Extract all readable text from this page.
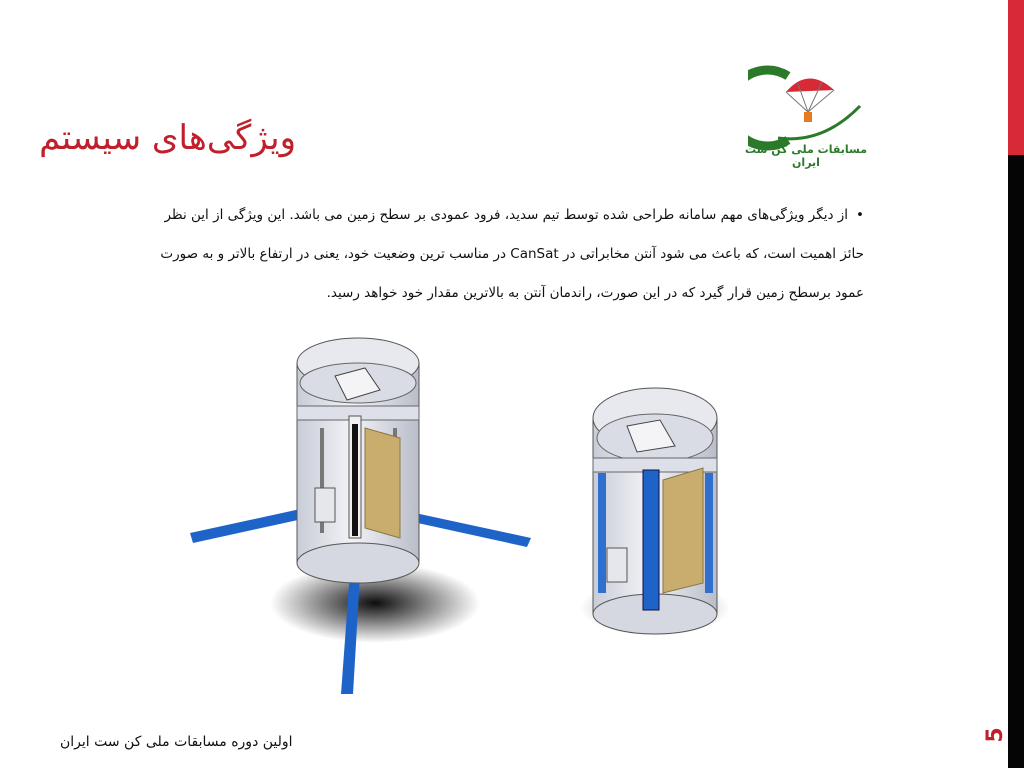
مسابقات ملی کن ست ایران
ویژگی‌های سیستم
•از دیگر ویژگی‌های مهم سامانه طراحی شده توسط تیم سدید، فرود عمودی بر سطح زمین می باشد. این ویژگی از این نظر حائز اهمیت است، که باعث می شود آنتن مخابراتی در CanSat در مناسب ترین وضعیت خود، یعنی در ارتفاع بالاتر و به صورت عمود برسطح زمین قرار گیرد که در این صورت، راندمان آنتن به بالاترین مقدار خود خواهد رسید.
اولین دوره مسابقات ملی کن ست ایران	5
